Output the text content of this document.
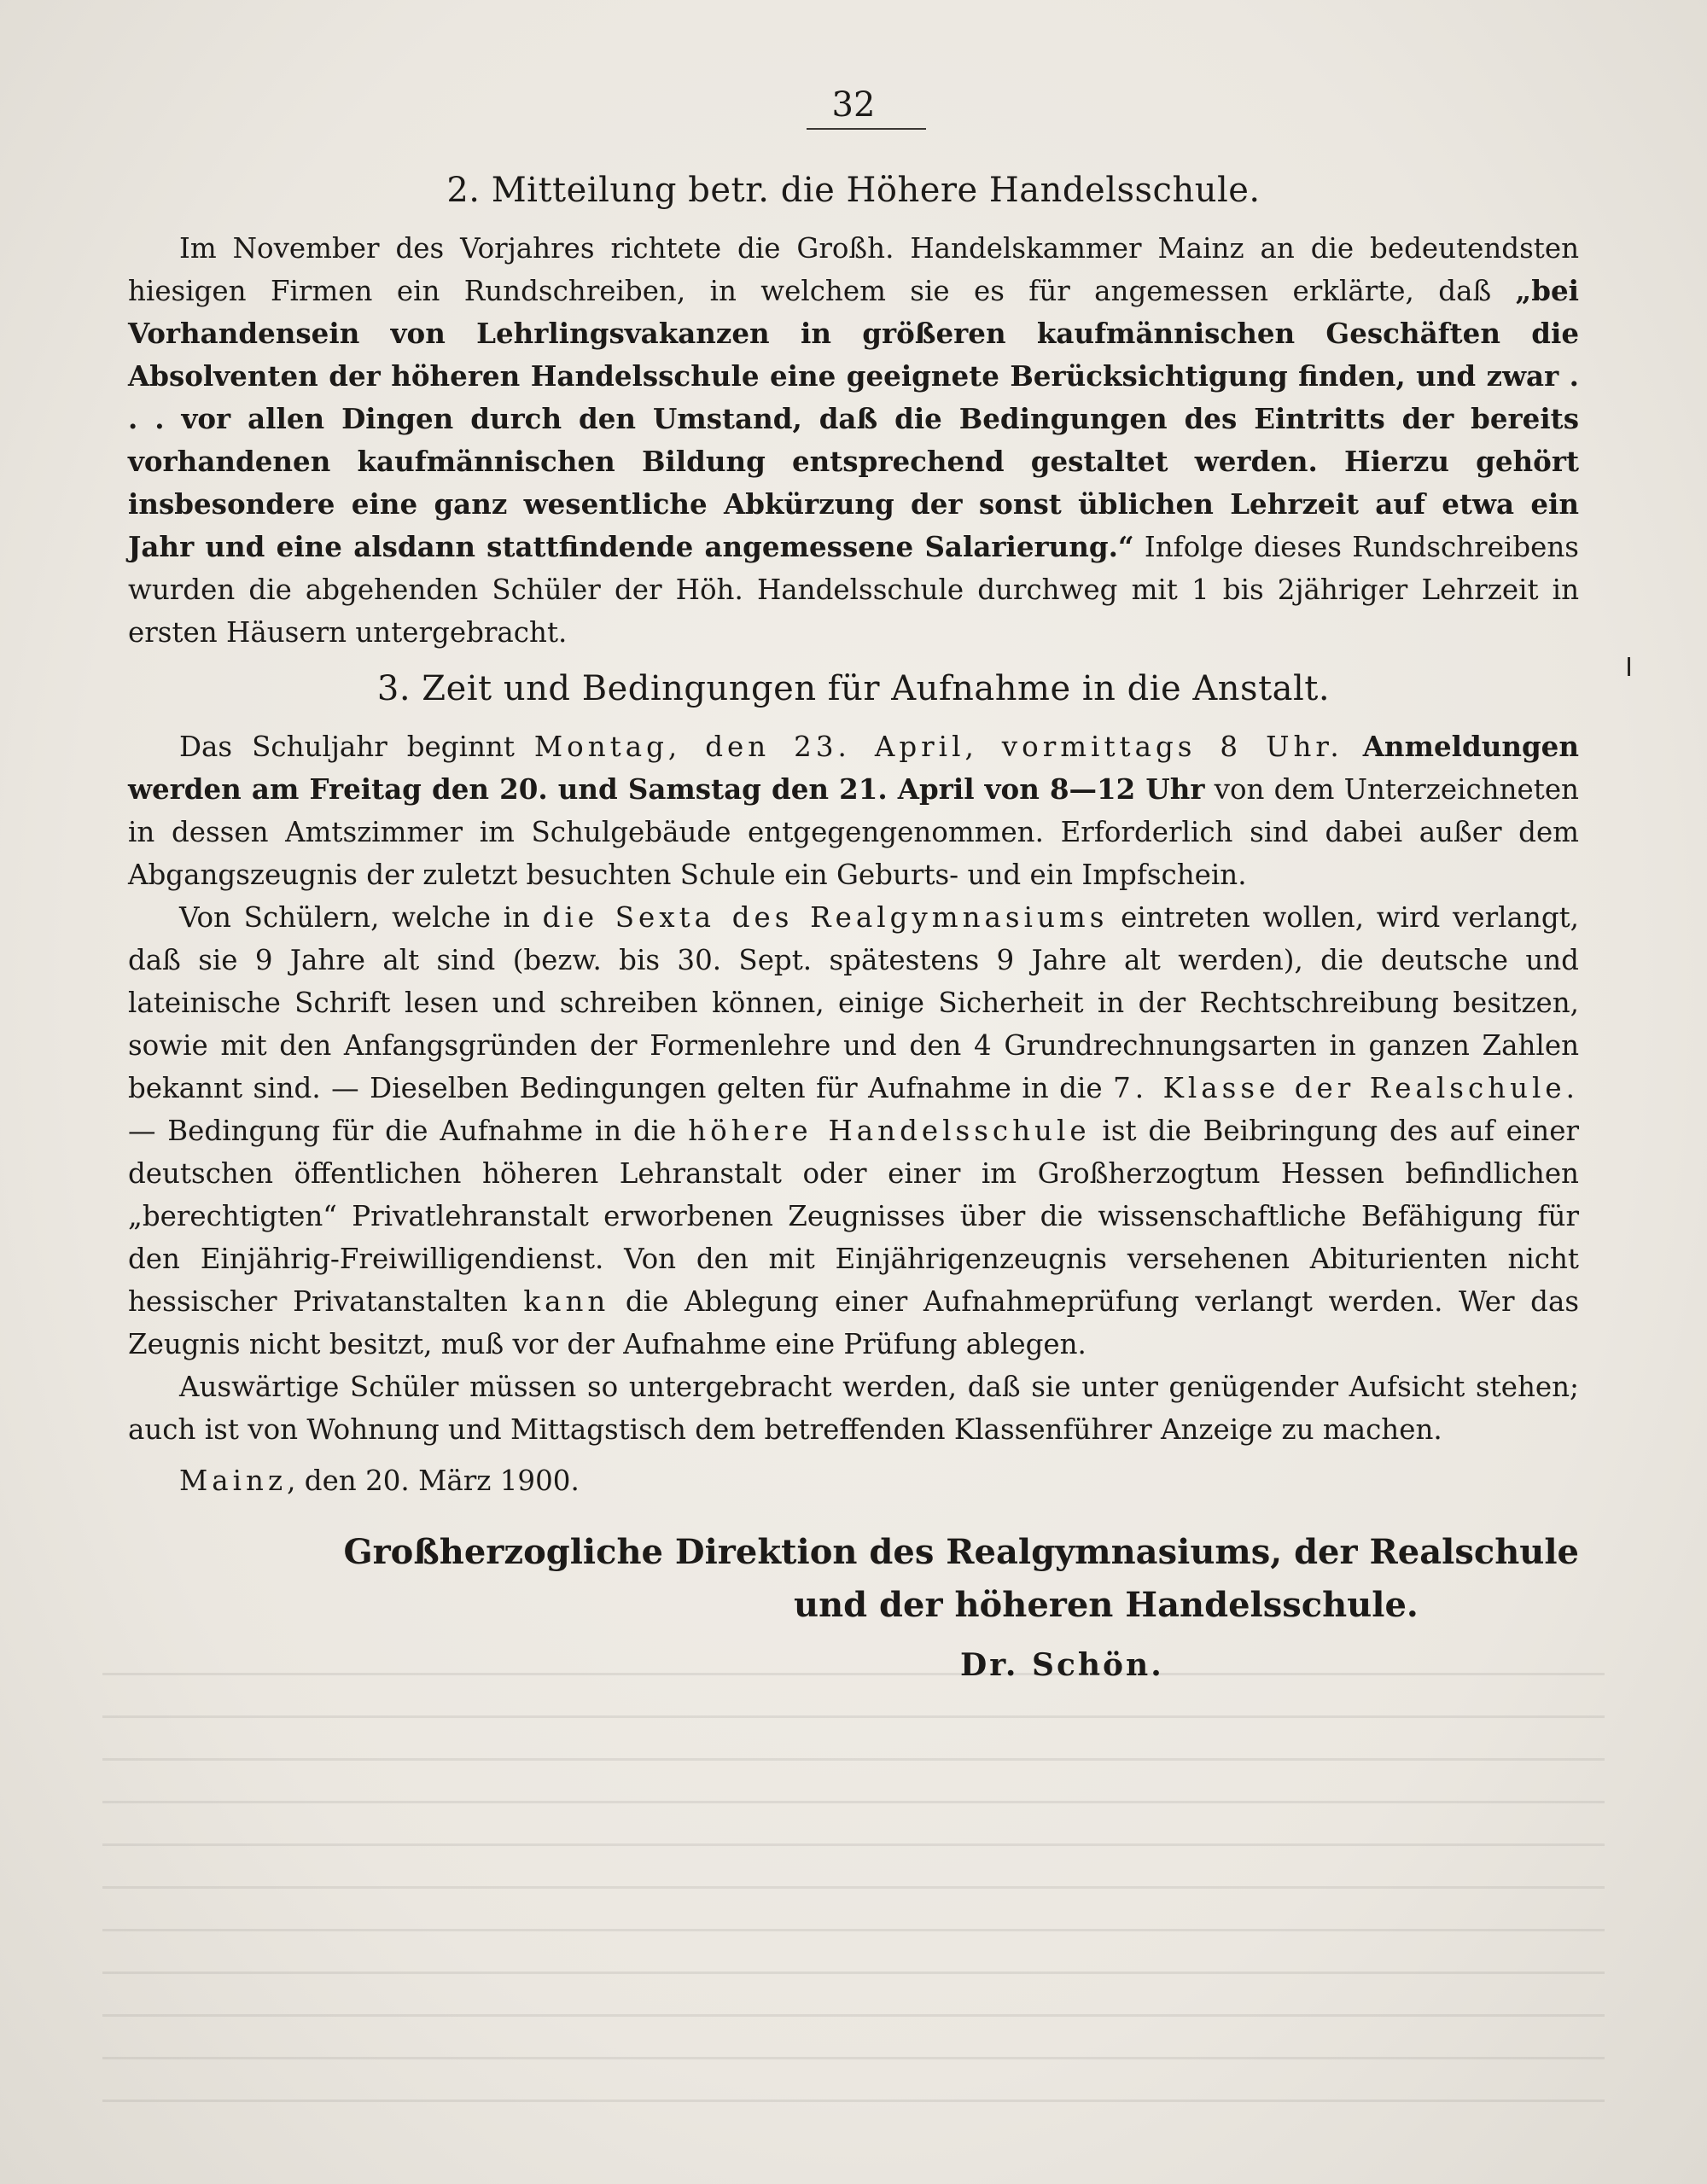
32
2. Mitteilung betr. die Höhere Handelsschule.

Im November des Vorjahres richtete die Großh. Handelskammer Mainz an die bedeutendsten hiesigen Firmen ein Rundschreiben, in welchem sie es für angemessen erklärte, daß „bei Vorhandensein von Lehrlingsvakanzen in größeren kaufmännischen Geschäften die Absolventen der höheren Handelsschule eine geeignete Berücksichtigung finden, und zwar . . . vor allen Dingen durch den Umstand, daß die Bedingungen des Eintritts der bereits vorhandenen kaufmännischen Bildung entsprechend gestaltet werden. Hierzu gehört insbesondere eine ganz wesentliche Abkürzung der sonst üblichen Lehrzeit auf etwa ein Jahr und eine alsdann stattfindende angemessene Salarierung.“ Infolge dieses Rundschreibens wurden die abgehenden Schüler der Höh. Handelsschule durchweg mit 1 bis 2jähriger Lehrzeit in ersten Häusern untergebracht.

3. Zeit und Bedingungen für Aufnahme in die Anstalt.

Das Schuljahr beginnt Montag, den 23. April, vormittags 8 Uhr. Anmeldungen werden am Freitag den 20. und Samstag den 21. April von 8—12 Uhr von dem Unterzeichneten in dessen Amtszimmer im Schulgebäude entgegengenommen. Erforderlich sind dabei außer dem Abgangszeugnis der zuletzt besuchten Schule ein Geburts- und ein Impfschein.

Von Schülern, welche in die Sexta des Realgymnasiums eintreten wollen, wird verlangt, daß sie 9 Jahre alt sind (bezw. bis 30. Sept. spätestens 9 Jahre alt werden), die deutsche und lateinische Schrift lesen und schreiben können, einige Sicherheit in der Rechtschreibung besitzen, sowie mit den Anfangsgründen der Formenlehre und den 4 Grundrechnungsarten in ganzen Zahlen bekannt sind. — Dieselben Bedingungen gelten für Aufnahme in die 7. Klasse der Realschule. — Bedingung für die Aufnahme in die höhere Handelsschule ist die Beibringung des auf einer deutschen öffentlichen höheren Lehranstalt oder einer im Großherzogtum Hessen befindlichen „berechtigten“ Privatlehranstalt erworbenen Zeugnisses über die wissenschaftliche Befähigung für den Einjährig-Freiwilligendienst. Von den mit Einjährigenzeugnis versehenen Abiturienten nicht hessischer Privatanstalten kann die Ablegung einer Aufnahmeprüfung verlangt werden. Wer das Zeugnis nicht besitzt, muß vor der Aufnahme eine Prüfung ablegen.

Auswärtige Schüler müssen so untergebracht werden, daß sie unter genügender Aufsicht stehen; auch ist von Wohnung und Mittagstisch dem betreffenden Klassenführer Anzeige zu machen.

Mainz, den 20. März 1900.
Großherzogliche Direktion des Realgymnasiums, der Realschule
und der höheren Handelsschule.
Dr. Schön.
